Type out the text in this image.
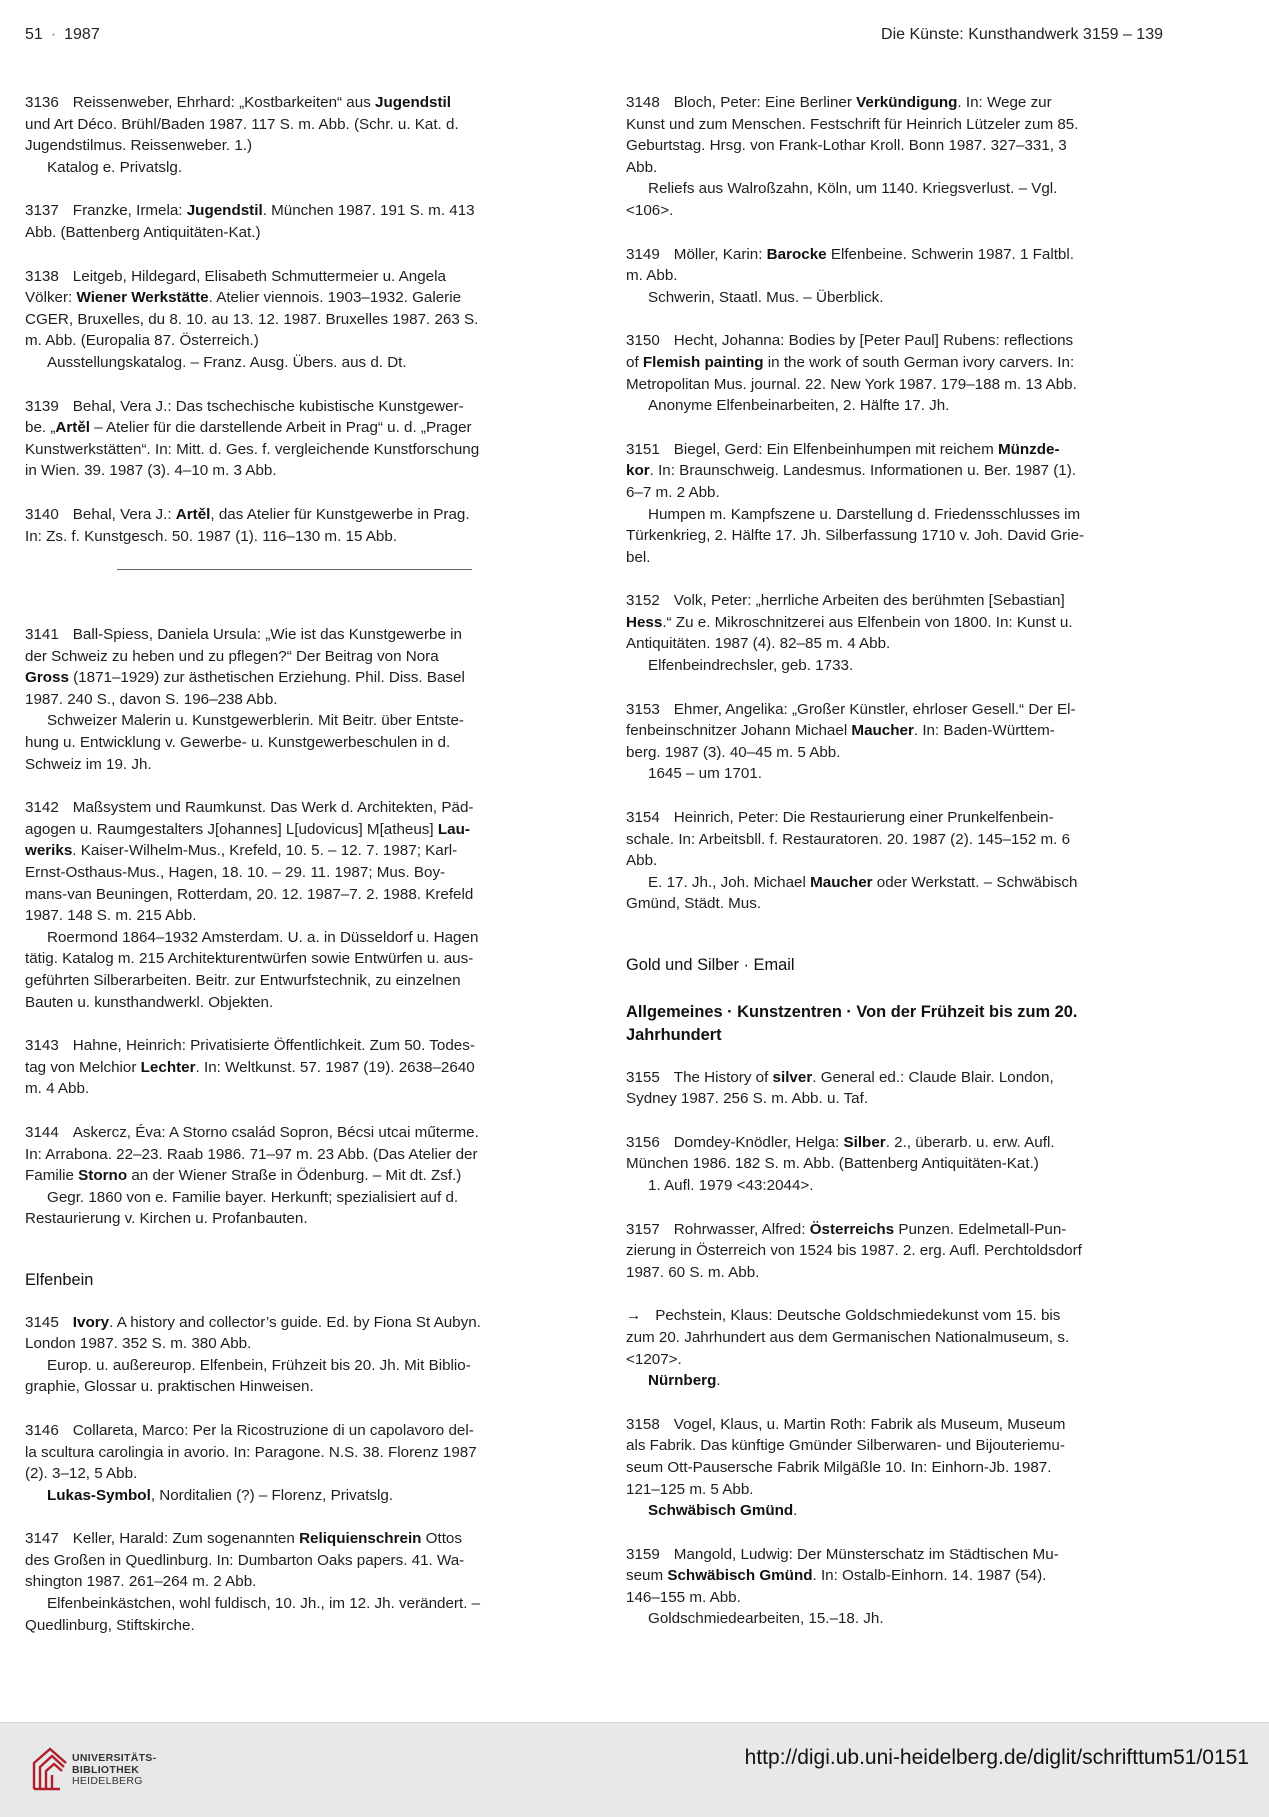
51 · 1987	Die Künste: Kunsthandwerk 3159 – 139
3136 Reissenweber, Ehrhard: „Kostbarkeiten“ aus Jugendstil
und Art Déco. Brühl/Baden 1987. 117 S. m. Abb. (Schr. u. Kat. d.
Jugendstilmus. Reissenweber. 1.)
Katalog e. Privatslg.
3137 Franzke, Irmela: Jugendstil. München 1987. 191 S. m. 413
Abb. (Battenberg Antiquitäten-Kat.)
3138 Leitgeb, Hildegard, Elisabeth Schmuttermeier u. Angela
Völker: Wiener Werkstätte. Atelier viennois. 1903–1932. Galerie
CGER, Bruxelles, du 8. 10. au 13. 12. 1987. Bruxelles 1987. 263 S.
m. Abb. (Europalia 87. Österreich.)
Ausstellungskatalog. – Franz. Ausg. Übers. aus d. Dt.
3139 Behal, Vera J.: Das tschechische kubistische Kunstgewer-
be. „Artěl – Atelier für die darstellende Arbeit in Prag“ u. d. „Prager
Kunstwerkstätten“. In: Mitt. d. Ges. f. vergleichende Kunstforschung
in Wien. 39. 1987 (3). 4–10 m. 3 Abb.
3140 Behal, Vera J.: Artěl, das Atelier für Kunstgewerbe in Prag.
In: Zs. f. Kunstgesch. 50. 1987 (1). 116–130 m. 15 Abb.
3141 Ball-Spiess, Daniela Ursula: „Wie ist das Kunstgewerbe in
der Schweiz zu heben und zu pflegen?“ Der Beitrag von Nora
Gross (1871–1929) zur ästhetischen Erziehung. Phil. Diss. Basel
1987. 240 S., davon S. 196–238 Abb.
Schweizer Malerin u. Kunstgewerblerin. Mit Beitr. über Entste-
hung u. Entwicklung v. Gewerbe- u. Kunstgewerbeschulen in d.
Schweiz im 19. Jh.
3142 Maßsystem und Raumkunst. Das Werk d. Architekten, Päd-
agogen u. Raumgestalters J[ohannes] L[udovicus] M[atheus] Lau-
weriks. Kaiser-Wilhelm-Mus., Krefeld, 10. 5. – 12. 7. 1987; Karl-
Ernst-Osthaus-Mus., Hagen, 18. 10. – 29. 11. 1987; Mus. Boy-
mans-van Beuningen, Rotterdam, 20. 12. 1987–7. 2. 1988. Krefeld
1987. 148 S. m. 215 Abb.
Roermond 1864–1932 Amsterdam. U. a. in Düsseldorf u. Hagen
tätig. Katalog m. 215 Architekturentwürfen sowie Entwürfen u. aus-
geführten Silberarbeiten. Beitr. zur Entwurfstechnik, zu einzelnen
Bauten u. kunsthandwerkl. Objekten.
3143 Hahne, Heinrich: Privatisierte Öffentlichkeit. Zum 50. Todes-
tag von Melchior Lechter. In: Weltkunst. 57. 1987 (19). 2638–2640
m. 4 Abb.
3144 Askercz, Éva: A Storno család Sopron, Bécsi utcai műterme.
In: Arrabona. 22–23. Raab 1986. 71–97 m. 23 Abb. (Das Atelier der
Familie Storno an der Wiener Straße in Ödenburg. – Mit dt. Zsf.)
Gegr. 1860 von e. Familie bayer. Herkunft; spezialisiert auf d.
Restaurierung v. Kirchen u. Profanbauten.
Elfenbein
3145 Ivory. A history and collector’s guide. Ed. by Fiona St Aubyn.
London 1987. 352 S. m. 380 Abb.
Europ. u. außereurop. Elfenbein, Frühzeit bis 20. Jh. Mit Biblio-
graphie, Glossar u. praktischen Hinweisen.
3146 Collareta, Marco: Per la Ricostruzione di un capolavoro del-
la scultura carolingia in avorio. In: Paragone. N.S. 38. Florenz 1987
(2). 3–12, 5 Abb.
Lukas-Symbol, Norditalien (?) – Florenz, Privatslg.
3147 Keller, Harald: Zum sogenannten Reliquienschrein Ottos
des Großen in Quedlinburg. In: Dumbarton Oaks papers. 41. Wa-
shington 1987. 261–264 m. 2 Abb.
Elfenbeinkästchen, wohl fuldisch, 10. Jh., im 12. Jh. verändert. –
Quedlinburg, Stiftskirche.
3148 Bloch, Peter: Eine Berliner Verkündigung. In: Wege zur
Kunst und zum Menschen. Festschrift für Heinrich Lützeler zum 85.
Geburtstag. Hrsg. von Frank-Lothar Kroll. Bonn 1987. 327–331, 3
Abb.
Reliefs aus Walroßzahn, Köln, um 1140. Kriegsverlust. – Vgl.
<106>.
3149 Möller, Karin: Barocke Elfenbeine. Schwerin 1987. 1 Faltbl.
m. Abb.
Schwerin, Staatl. Mus. – Überblick.
3150 Hecht, Johanna: Bodies by [Peter Paul] Rubens: reflections
of Flemish painting in the work of south German ivory carvers. In:
Metropolitan Mus. journal. 22. New York 1987. 179–188 m. 13 Abb.
Anonyme Elfenbeinarbeiten, 2. Hälfte 17. Jh.
3151 Biegel, Gerd: Ein Elfenbeinhumpen mit reichem Münzde-
kor. In: Braunschweig. Landesmus. Informationen u. Ber. 1987 (1).
6–7 m. 2 Abb.
Humpen m. Kampfszene u. Darstellung d. Friedensschlusses im
Türkenkrieg, 2. Hälfte 17. Jh. Silberfassung 1710 v. Joh. David Grie-
bel.
3152 Volk, Peter: „herrliche Arbeiten des berühmten [Sebastian]
Hess.“ Zu e. Mikroschnitzerei aus Elfenbein von 1800. In: Kunst u.
Antiquitäten. 1987 (4). 82–85 m. 4 Abb.
Elfenbeindrechsler, geb. 1733.
3153 Ehmer, Angelika: „Großer Künstler, ehrloser Gesell.“ Der El-
fenbeinschnitzer Johann Michael Maucher. In: Baden-Württem-
berg. 1987 (3). 40–45 m. 5 Abb.
1645 – um 1701.
3154 Heinrich, Peter: Die Restaurierung einer Prunkelfenbein-
schale. In: Arbeitsbll. f. Restauratoren. 20. 1987 (2). 145–152 m. 6
Abb.
E. 17. Jh., Joh. Michael Maucher oder Werkstatt. – Schwäbisch
Gmünd, Städt. Mus.
Gold und Silber · Email
Allgemeines · Kunstzentren · Von der Frühzeit bis zum 20. Jahrhundert
3155 The History of silver. General ed.: Claude Blair. London,
Sydney 1987. 256 S. m. Abb. u. Taf.
3156 Domdey-Knödler, Helga: Silber. 2., überarb. u. erw. Aufl.
München 1986. 182 S. m. Abb. (Battenberg Antiquitäten-Kat.)
1. Aufl. 1979 <43:2044>.
3157 Rohrwasser, Alfred: Österreichs Punzen. Edelmetall-Pun-
zierung in Österreich von 1524 bis 1987. 2. erg. Aufl. Perchtoldsdorf
1987. 60 S. m. Abb.
→ Pechstein, Klaus: Deutsche Goldschmiedekunst vom 15. bis
zum 20. Jahrhundert aus dem Germanischen Nationalmuseum, s.
<1207>.
Nürnberg.
3158 Vogel, Klaus, u. Martin Roth: Fabrik als Museum, Museum
als Fabrik. Das künftige Gmünder Silberwaren- und Bijouteriemu-
seum Ott-Pausersche Fabrik Milgäßle 10. In: Einhorn-Jb. 1987.
121–125 m. 5 Abb.
Schwäbisch Gmünd.
3159 Mangold, Ludwig: Der Münsterschatz im Städtischen Mu-
seum Schwäbisch Gmünd. In: Ostalb-Einhorn. 14. 1987 (54).
146–155 m. Abb.
Goldschmiedearbeiten, 15.–18. Jh.
UNIVERSITÄTS-
BIBLIOTHEK
HEIDELBERG
http://digi.ub.uni-heidelberg.de/diglit/schrifttum51/0151
